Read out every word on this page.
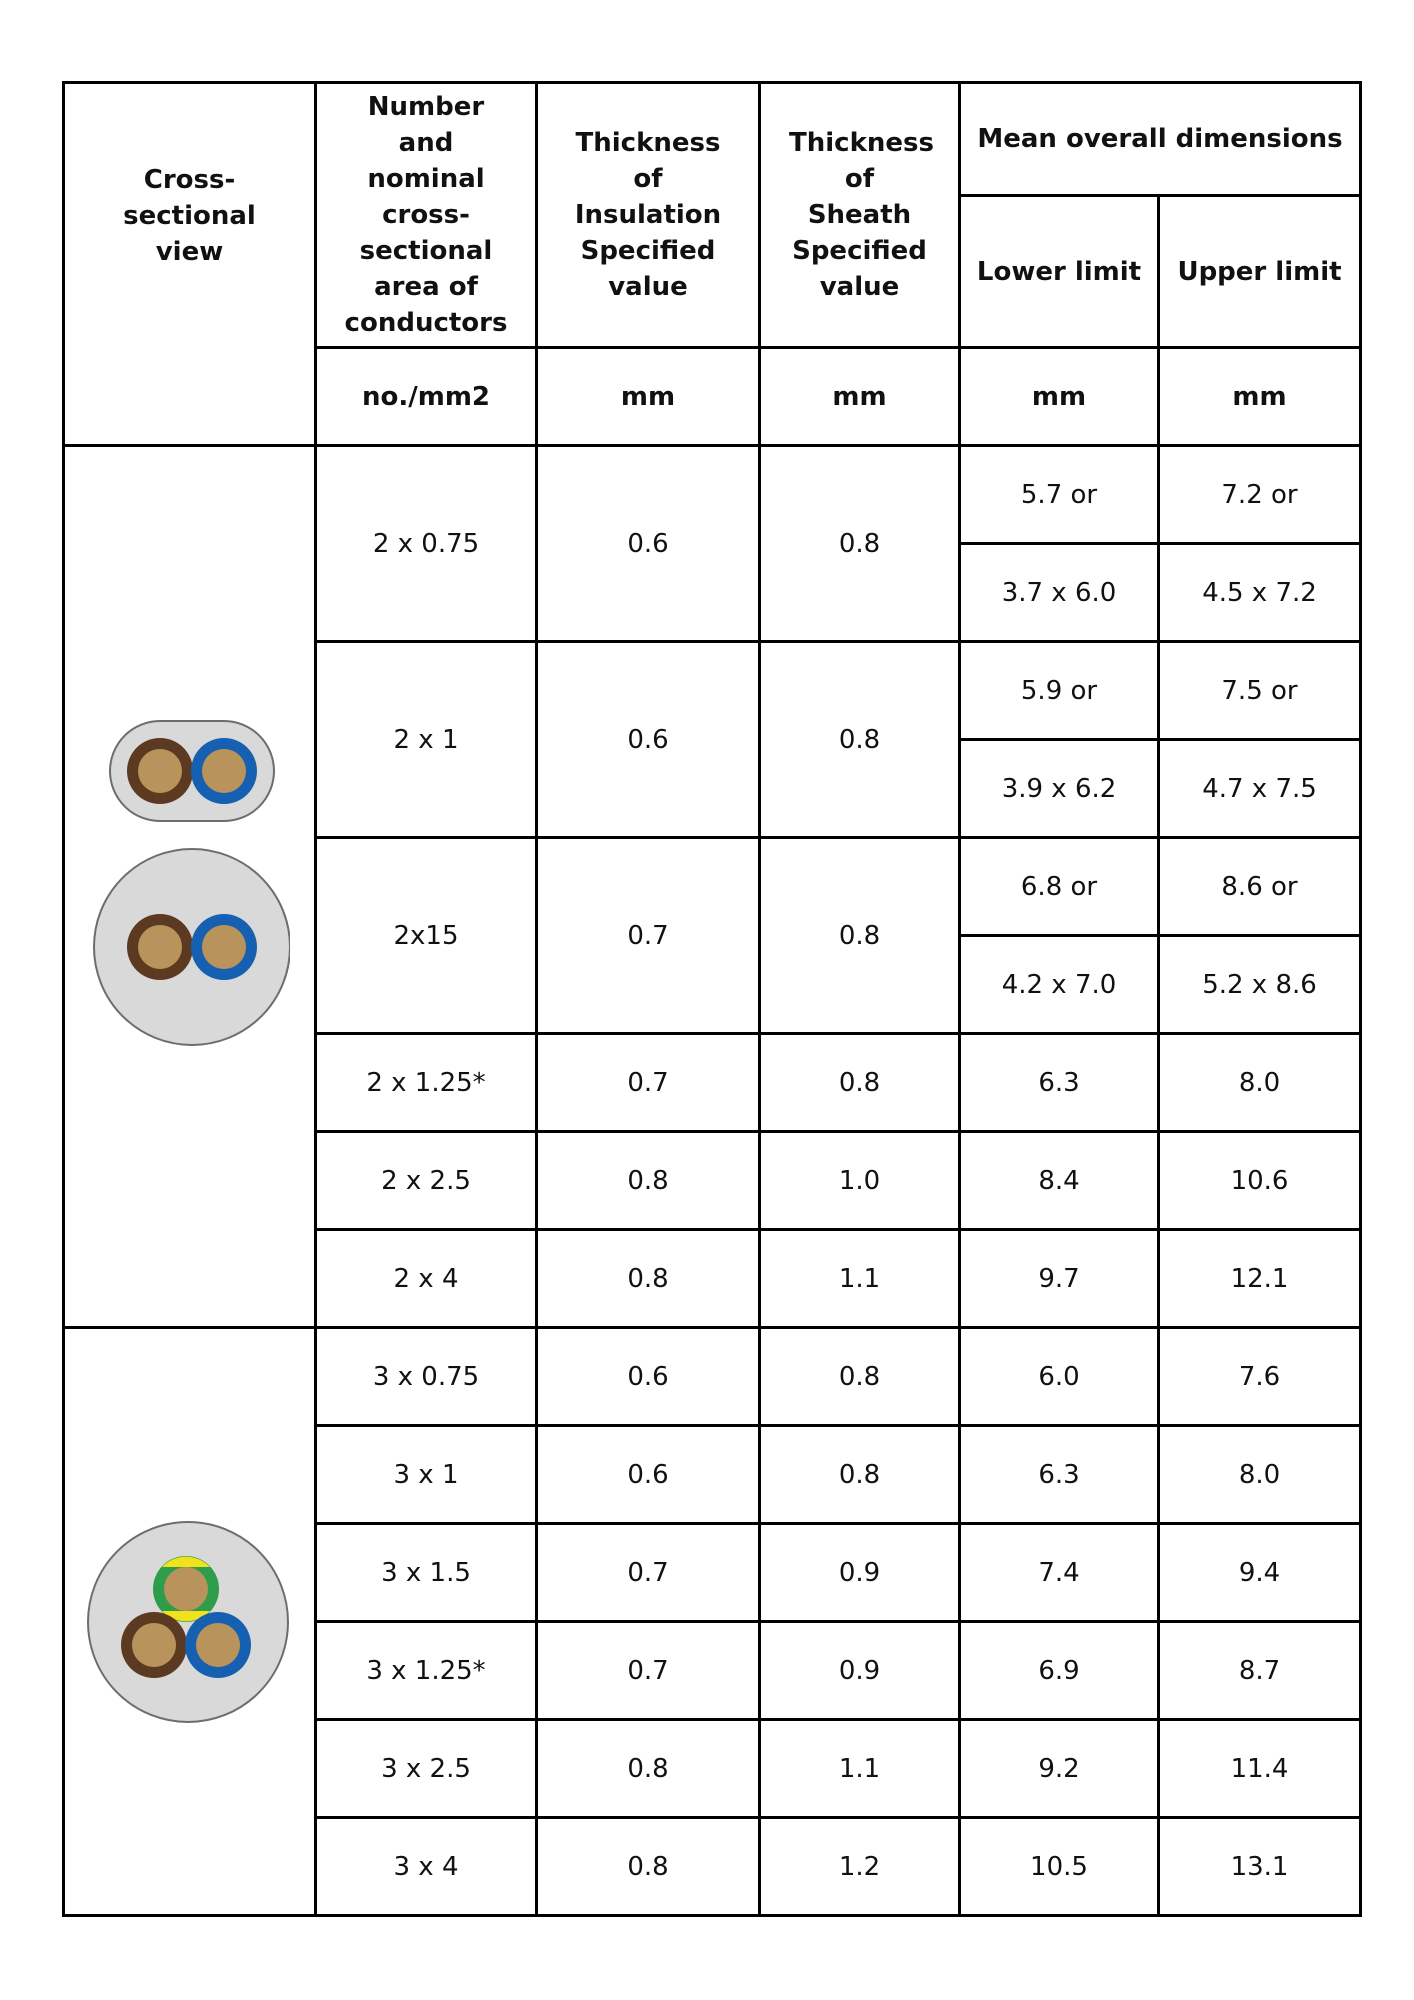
Cross-sectional view	Number and nominal cross-sectional area of conductors	Thickness of Insulation Specified value	Thickness of Sheath Specified value	Mean overall dimensions	
				Lower limit	Upper limit
	no./mm2	mm	mm	mm	mm

	2 x 0.75	0.6	0.8	5.7 or	7.2 or
				3.7 x 6.0	4.5 x 7.2
	2 x 1	0.6	0.8	5.9 or	7.5 or
				3.9 x 6.2	4.7 x 7.5
	2x15	0.7	0.8	6.8 or	8.6 or
				4.2 x 7.0	5.2 x 8.6
	2 x 1.25*	0.7	0.8	6.3	8.0
	2 x 2.5	0.8	1.0	8.4	10.6
	2 x 4	0.8	1.1	9.7	12.1

	3 x 0.75	0.6	0.8	6.0	7.6
	3 x 1	0.6	0.8	6.3	8.0
	3 x 1.5	0.7	0.9	7.4	9.4
	3 x 1.25*	0.7	0.9	6.9	8.7
	3 x 2.5	0.8	1.1	9.2	11.4
	3 x 4	0.8	1.2	10.5	13.1
